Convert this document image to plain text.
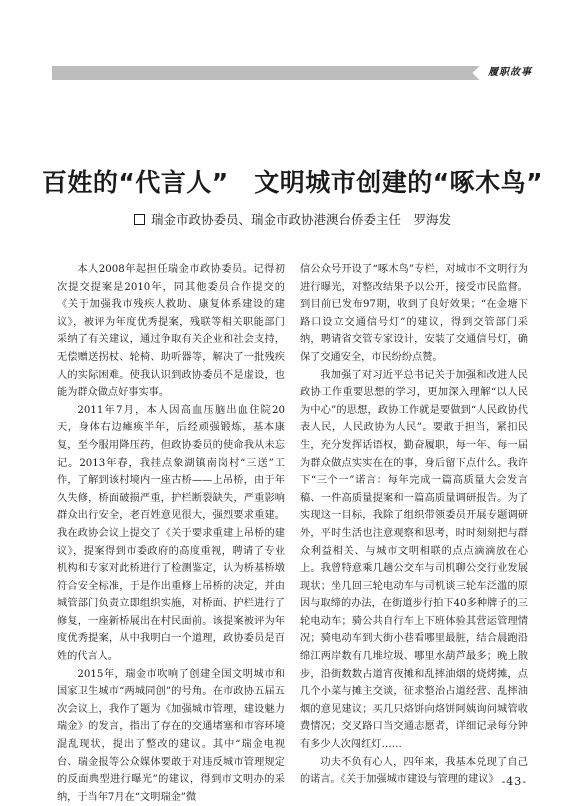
履职故事
百姓的“代言人”　文明城市创建的“啄木鸟”
瑞金市政协委员、瑞金市政协港澳台侨委主任　罗海发

本人2008年起担任瑞金市政协委员。记得初次提交提案是2010年，同其他委员合作提交的《关于加强我市残疾人救助、康复体系建设的建议》，被评为年度优秀提案，残联等相关职能部门采纳了有关建议，通过争取有关企业和社会支持，无偿赠送拐杖、轮椅、助听器等，解决了一批残疾人的实际困难。使我认识到政协委员不是虚设，也能为群众做点好事实事。

2011年7月，本人因高血压脑出血住院20天，身体右边瘫痪半年，后经顽强锻炼，基本康复，至今服用降压药，但政协委员的使命我从未忘记。2013年春，我挂点象湖镇南岗村“三送”工作，了解到该村境内一座古桥——上吊桥，由于年久失修，桥面破损严重，护栏断裂缺失，严重影响群众出行安全，老百姓意见很大，强烈要求重建。我在政协会议上提交了《关于要求重建上吊桥的建议》，提案得到市委政府的高度重视，聘请了专业机构和专家对此桥进行了检测鉴定，认为桥基桥墩符合安全标准，于是作出重修上吊桥的决定，并由城管部门负责立即组织实施，对桥面、护栏进行了修复，一座新桥展出在村民面前。该提案被评为年度优秀提案，从中我明白一个道理，政协委员是百姓的代言人。

2015年，瑞金市吹响了创建全国文明城市和国家卫生城市“两城同创”的号角。在市政协五届五次会议上，我作了题为《加强城市管理，建设魅力瑞金》的发言，指出了存在的交通堵塞和市容环境混乱现状，提出了整改的建议。其中“瑞金电视台、瑞金报等公众媒体要敢于对违反城市管理规定的反面典型进行曝光”的建议，得到市文明办的采纳，于当年7月在“文明瑞金”微

信公众号开设了“啄木鸟”专栏，对城市不文明行为进行曝光，对整改结果予以公开，接受市民监督。到目前已发布97期，收到了良好效果；“在金塘下路口设立交通信号灯”的建议，得到交管部门采纳，聘请省交管专家设计，安装了交通信号灯，确保了交通安全，市民纷纷点赞。

我加强了对习近平总书记关于加强和改进人民政协工作重要思想的学习，更加深入理解“以人民为中心”的思想，政协工作就是要做到“人民政协代表人民，人民政协为人民”。要敢于担当，紧扣民生，充分发挥话语权，勤奋履职，每一年、每一届为群众做点实实在在的事，身后留下点什么。我许下“三个一”诺言：每年完成一篇高质量大会发言稿、一件高质量提案和一篇高质量调研报告。为了实现这一目标，我除了组织带领委员开展专题调研外，平时生活也注意观察和思考，时时刻刻把与群众利益相关、与城市文明相联的点点滴滴放在心上。我曾特意乘几趟公交车与司机聊公交行业发展现状；坐几回三轮电动车与司机谈三轮车泛滥的原因与取缔的办法，在街道步行拍下40多种牌子的三轮电动车；骑公共自行车上下班体验其营运管理情况；骑电动车到大街小巷看哪里最脏，结合晨跑沿绵江两岸数有几堆垃圾、哪里水葫芦最多；晚上散步，沿街数数占道宵夜摊和乱摔油烟的烧烤摊，点几个小菜与摊主交谈，征求整治占道经营、乱摔油烟的意见建议；买几只烙饼向烙饼阿姨询问城管收费情况；交叉路口当交通志愿者，详细记录每分钟有多少人次闯红灯……

功夫不负有心人，四年来，我基本兑现了自己的诺言。《关于加强城市建设与管理的建议》 -43-
